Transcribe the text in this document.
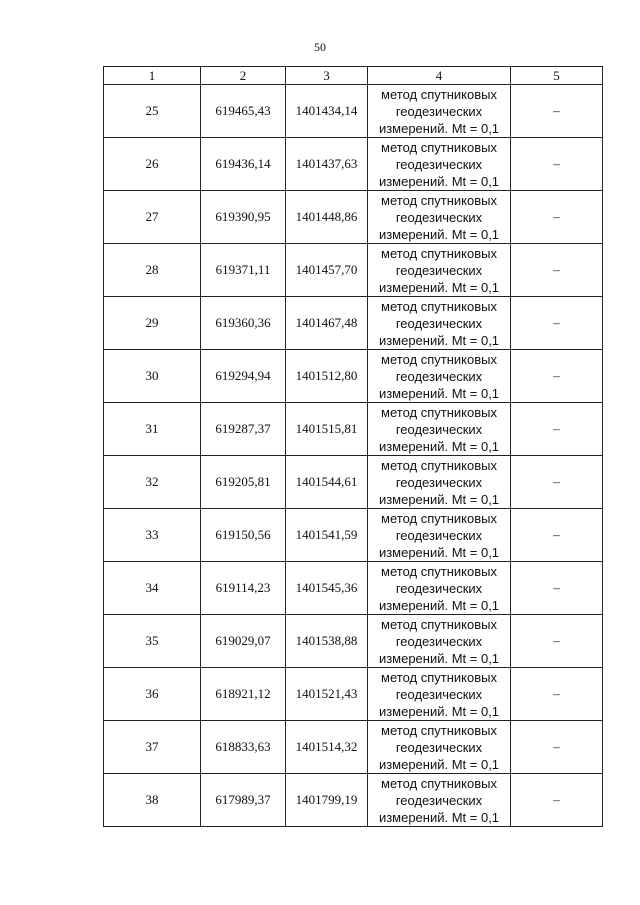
50
1	2	3	4	5
25	619465,43	1401434,14	метод спутниковых
геодезических
измерений. Mt = 0,1	–
26	619436,14	1401437,63	метод спутниковых
геодезических
измерений. Mt = 0,1	–
27	619390,95	1401448,86	метод спутниковых
геодезических
измерений. Mt = 0,1	–
28	619371,11	1401457,70	метод спутниковых
геодезических
измерений. Mt = 0,1	–
29	619360,36	1401467,48	метод спутниковых
геодезических
измерений. Mt = 0,1	–
30	619294,94	1401512,80	метод спутниковых
геодезических
измерений. Mt = 0,1	–
31	619287,37	1401515,81	метод спутниковых
геодезических
измерений. Mt = 0,1	–
32	619205,81	1401544,61	метод спутниковых
геодезических
измерений. Mt = 0,1	–
33	619150,56	1401541,59	метод спутниковых
геодезических
измерений. Mt = 0,1	–
34	619114,23	1401545,36	метод спутниковых
геодезических
измерений. Mt = 0,1	–
35	619029,07	1401538,88	метод спутниковых
геодезических
измерений. Mt = 0,1	–
36	618921,12	1401521,43	метод спутниковых
геодезических
измерений. Mt = 0,1	–
37	618833,63	1401514,32	метод спутниковых
геодезических
измерений. Mt = 0,1	–
38	617989,37	1401799,19	метод спутниковых
геодезических
измерений. Mt = 0,1	–
